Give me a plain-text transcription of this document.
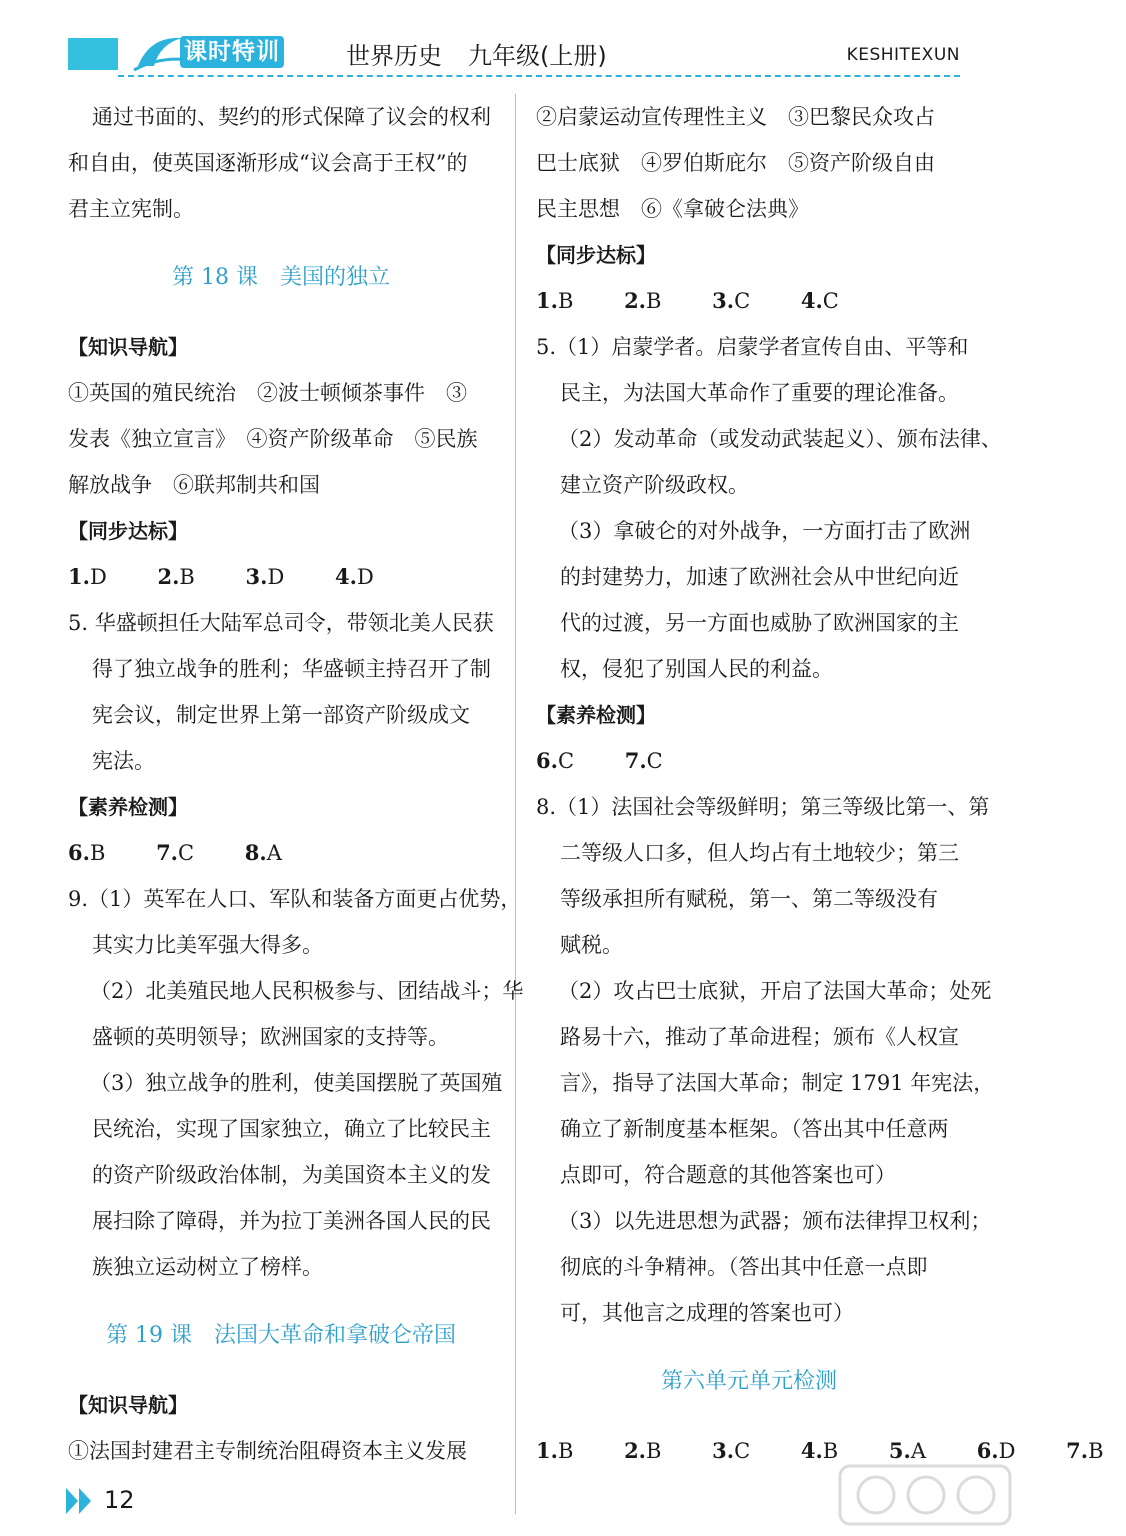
课时特训	世界历史 九年级(上册)	KESHITEXUN
通过书面的、契约的形式保障了议会的权利
和自由，使英国逐渐形成“议会高于王权”的
君主立宪制。
第 18 课　美国的独立
【知识导航】
①英国的殖民统治　②波士顿倾茶事件　③
发表《独立宣言》　④资产阶级革命　⑤民族
解放战争　⑥联邦制共和国
【同步达标】
1.D 2.B 3.D 4.D
5. 华盛顿担任大陆军总司令，带领北美人民获
得了独立战争的胜利；华盛顿主持召开了制
宪会议，制定世界上第一部资产阶级成文
宪法。
【素养检测】
6.B 7.C 8.A
9.（1）英军在人口、军队和装备方面更占优势，
其实力比美军强大得多。
（2）北美殖民地人民积极参与、团结战斗；华
盛顿的英明领导；欧洲国家的支持等。
（3）独立战争的胜利，使美国摆脱了英国殖
民统治，实现了国家独立，确立了比较民主
的资产阶级政治体制，为美国资本主义的发
展扫除了障碍，并为拉丁美洲各国人民的民
族独立运动树立了榜样。
第 19 课　法国大革命和拿破仑帝国
【知识导航】
①法国封建君主专制统治阻碍资本主义发展
②启蒙运动宣传理性主义　③巴黎民众攻占
巴士底狱　④罗伯斯庇尔　⑤资产阶级自由
民主思想　⑥《拿破仑法典》
【同步达标】
1.B 2.B 3.C 4.C
5.（1）启蒙学者。启蒙学者宣传自由、平等和
民主，为法国大革命作了重要的理论准备。
（2）发动革命（或发动武装起义）、颁布法律、
建立资产阶级政权。
（3）拿破仑的对外战争，一方面打击了欧洲
的封建势力，加速了欧洲社会从中世纪向近
代的过渡，另一方面也威胁了欧洲国家的主
权，侵犯了别国人民的利益。
【素养检测】
6.C 7.C
8.（1）法国社会等级鲜明；第三等级比第一、第
二等级人口多，但人均占有土地较少；第三
等级承担所有赋税，第一、第二等级没有
赋税。
（2）攻占巴士底狱，开启了法国大革命；处死
路易十六，推动了革命进程；颁布《人权宣
言》，指导了法国大革命；制定 1791 年宪法，
确立了新制度基本框架。（答出其中任意两
点即可，符合题意的其他答案也可）
（3）以先进思想为武器；颁布法律捍卫权利；
彻底的斗争精神。（答出其中任意一点即
可，其他言之成理的答案也可）
第六单元单元检测
1.B 2.B 3.C 4.B 5.A 6.D 7.B
12
